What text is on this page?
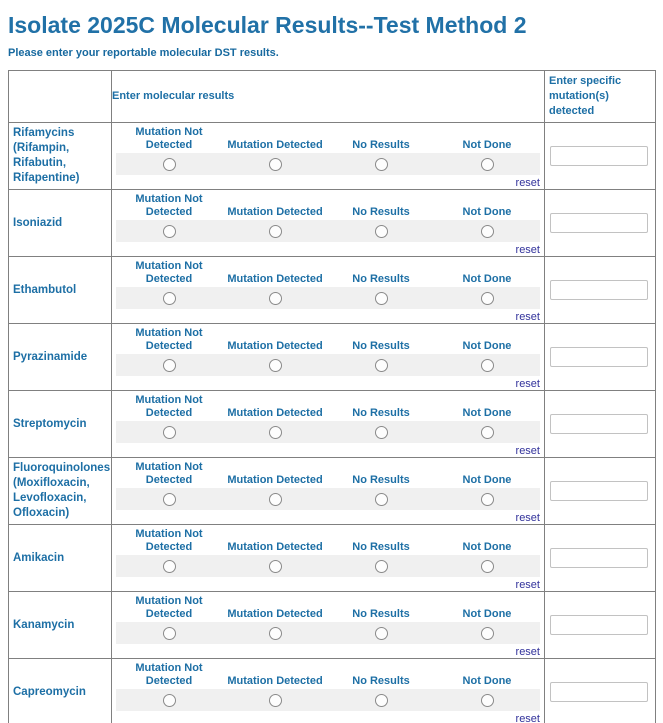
Isolate 2025C Molecular Results--Test Method 2
Please enter your reportable molecular DST results.
	Enter molecular results	Enter specific mutation(s) detected
Rifamycins (Rifampin, Rifabutin, Rifapentine)	Mutation Not Detected Mutation Detected No Results Not Done
reset

Isoniazid	Mutation Not Detected Mutation Detected No Results Not Done
reset

Ethambutol	Mutation Not Detected Mutation Detected No Results Not Done
reset

Pyrazinamide	Mutation Not Detected Mutation Detected No Results Not Done
reset

Streptomycin	Mutation Not Detected Mutation Detected No Results Not Done
reset

Fluoroquinolones (Moxifloxacin, Levofloxacin, Ofloxacin)	Mutation Not Detected Mutation Detected No Results Not Done
reset

Amikacin	Mutation Not Detected Mutation Detected No Results Not Done
reset

Kanamycin	Mutation Not Detected Mutation Detected No Results Not Done
reset

Capreomycin	Mutation Not Detected Mutation Detected No Results Not Done
reset
